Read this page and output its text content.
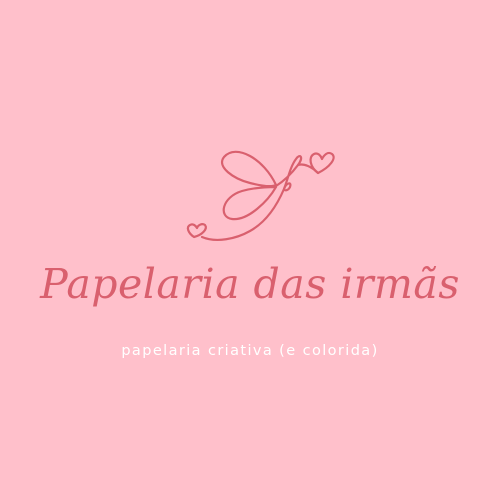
Papelaria das irmãs
papelaria criativa (e colorida)
